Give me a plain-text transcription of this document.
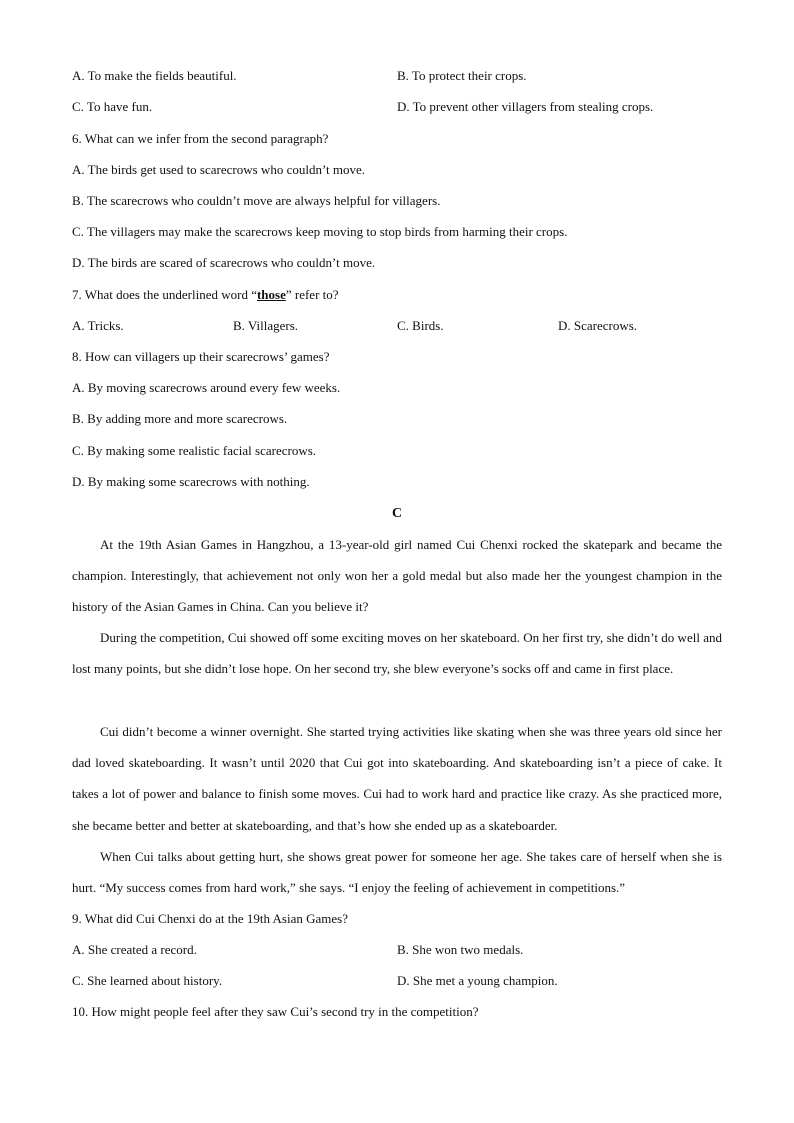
A. To make the fields beautiful.	B. To protect their crops.
C. To have fun.	D. To prevent other villagers from stealing crops.
6. What can we infer from the second paragraph?
A. The birds get used to scarecrows who couldn’t move.
B. The scarecrows who couldn’t move are always helpful for villagers.
C. The villagers may make the scarecrows keep moving to stop birds from harming their crops.
D. The birds are scared of scarecrows who couldn’t move.
7. What does the underlined word “those” refer to?
A. Tricks.	B. Villagers.	C. Birds.	D. Scarecrows.
8. How can villagers up their scarecrows’ games?
A. By moving scarecrows around every few weeks.
B. By adding more and more scarecrows.
C. By making some realistic facial scarecrows.
D. By making some scarecrows with nothing.
C
At the 19th Asian Games in Hangzhou, a 13-year-old girl named Cui Chenxi rocked the skatepark and became the champion. Interestingly, that achievement not only won her a gold medal but also made her the youngest champion in the history of the Asian Games in China. Can you believe it?
During the competition, Cui showed off some exciting moves on her skateboard. On her first try, she didn’t do well and lost many points, but she didn’t lose hope. On her second try, she blew everyone’s socks off and came in first place.
Cui didn’t become a winner overnight. She started trying activities like skating when she was three years old since her dad loved skateboarding. It wasn’t until 2020 that Cui got into skateboarding. And skateboarding isn’t a piece of cake. It takes a lot of power and balance to finish some moves. Cui had to work hard and practice like crazy. As she practiced more, she became better and better at skateboarding, and that’s how she ended up as a skateboarder.
When Cui talks about getting hurt, she shows great power for someone her age. She takes care of herself when she is hurt. “My success comes from hard work,” she says. “I enjoy the feeling of achievement in competitions.”
9. What did Cui Chenxi do at the 19th Asian Games?
A. She created a record.	B. She won two medals.
C. She learned about history.	D. She met a young champion.
10. How might people feel after they saw Cui’s second try in the competition?
